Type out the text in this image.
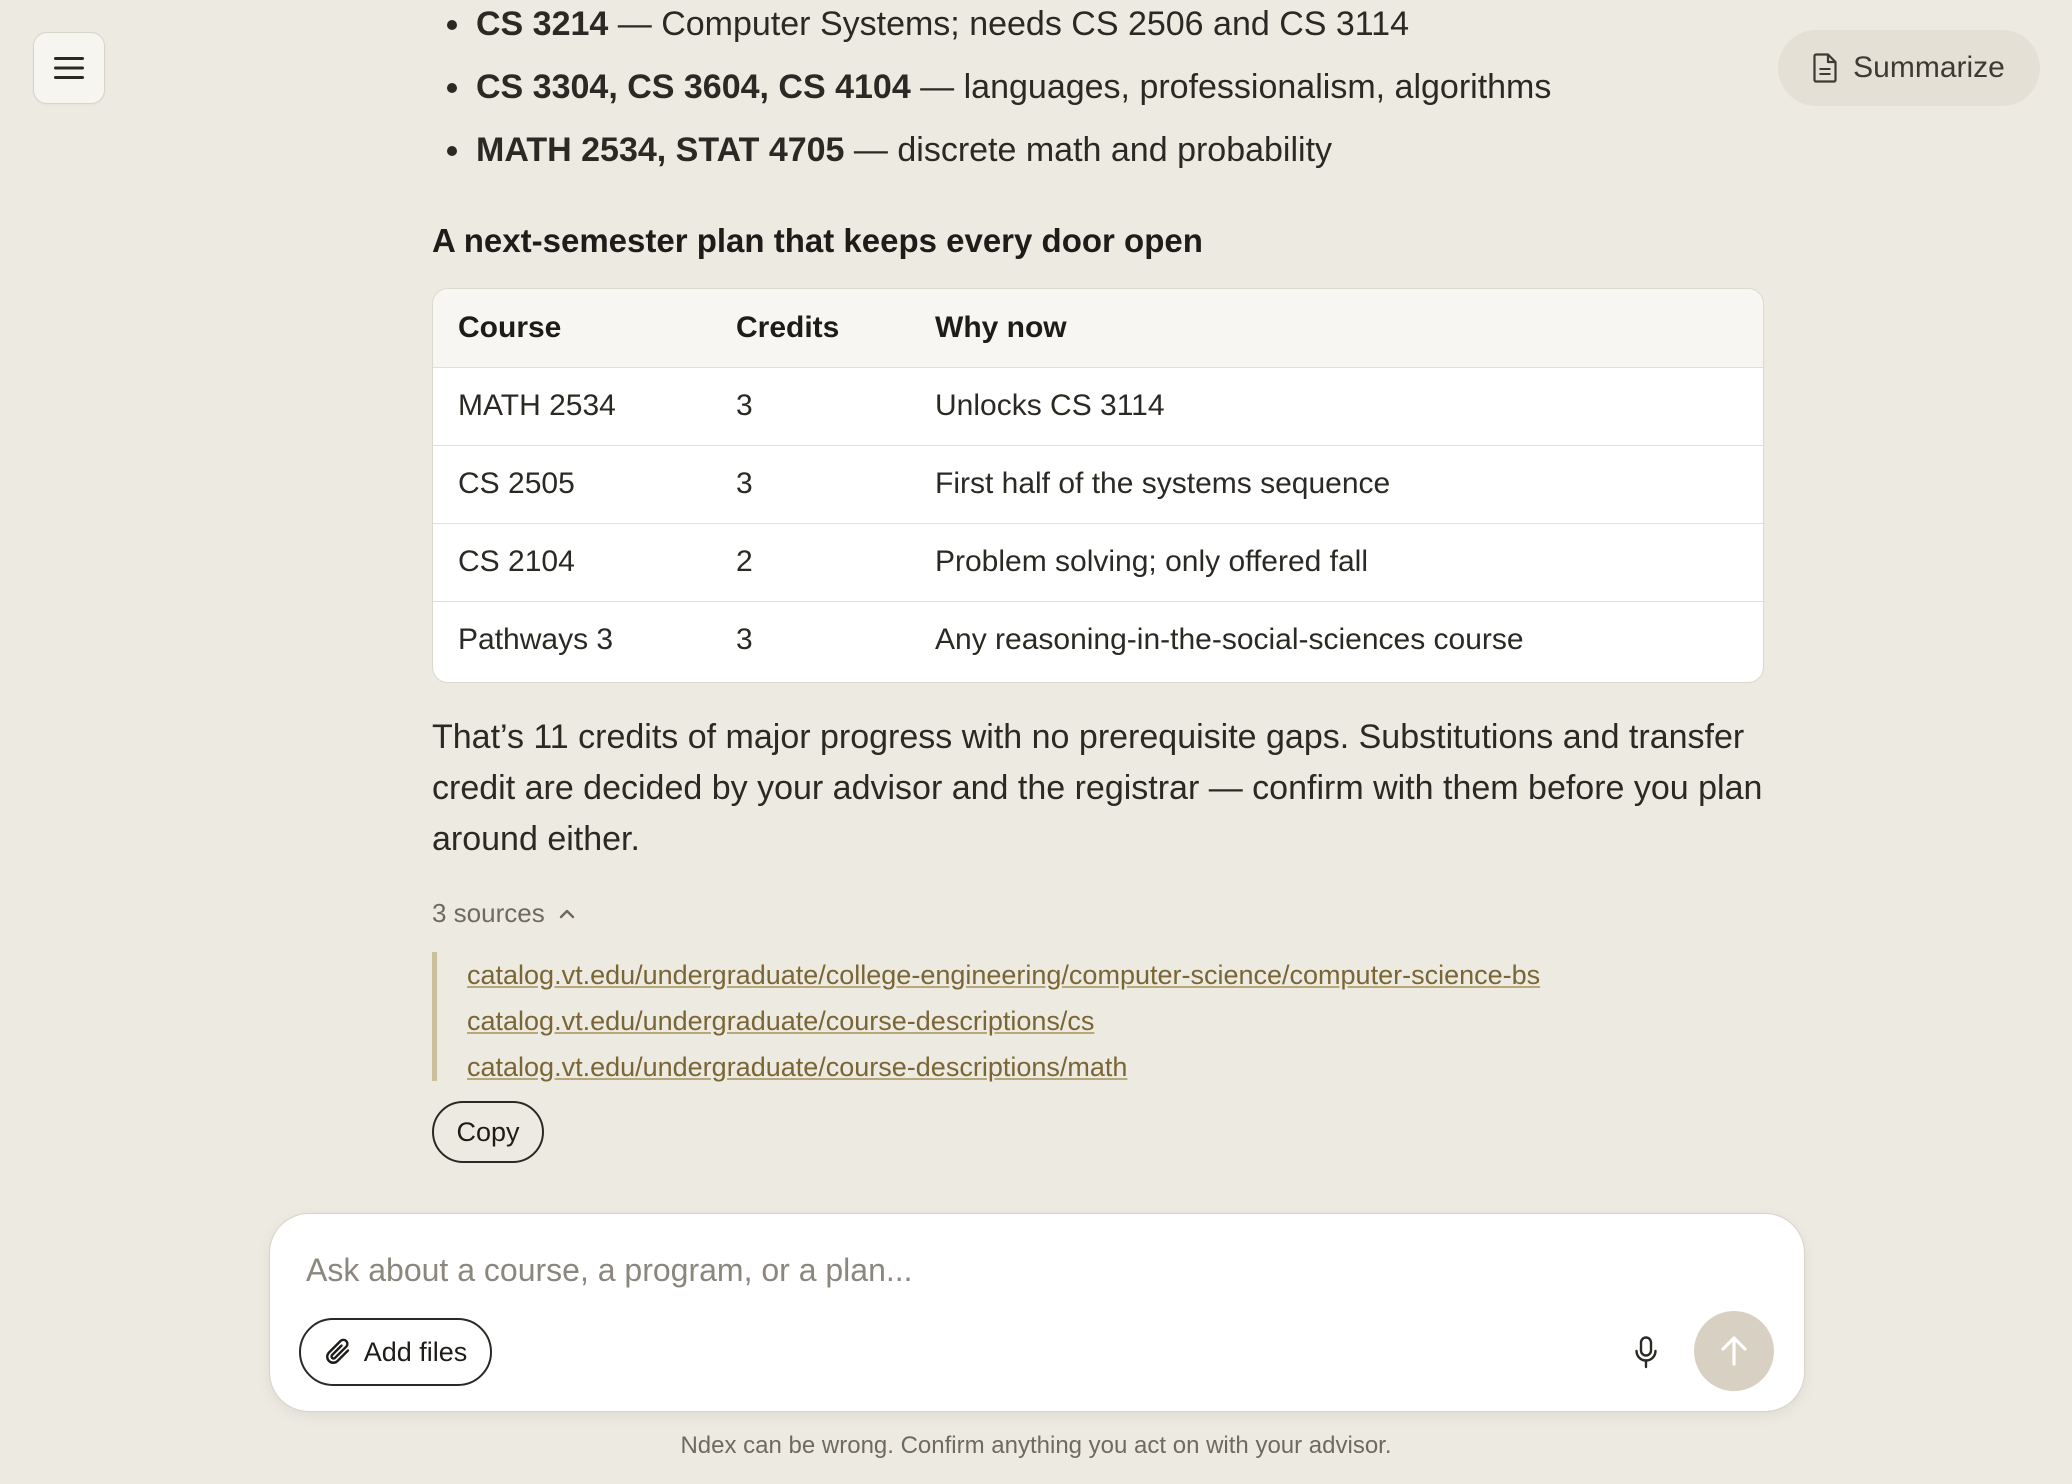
Summarize
CS 3214 — Computer Systems; needs CS 2506 and CS 3114
CS 3304, CS 3604, CS 4104 — languages, professionalism, algorithms
MATH 2534, STAT 4705 — discrete math and probability
A next-semester plan that keeps every door open
Course	Credits	Why now
MATH 2534	3	Unlocks CS 3114
CS 2505	3	First half of the systems sequence
CS 2104	2	Problem solving; only offered fall
Pathways 3	3	Any reasoning-in-the-social-sciences course

That’s 11 credits of major progress with no prerequisite gaps. Substitutions and transfer credit are decided by your advisor and the registrar — confirm with them before you plan around either.

3 sources
catalog.vt.edu/undergraduate/college-engineering/computer-science/computer-science-bs
catalog.vt.edu/undergraduate/course-descriptions/cs
catalog.vt.edu/undergraduate/course-descriptions/math
Copy
Ask about a course, a program, or a plan...
Add files
Ndex can be wrong. Confirm anything you act on with your advisor.
